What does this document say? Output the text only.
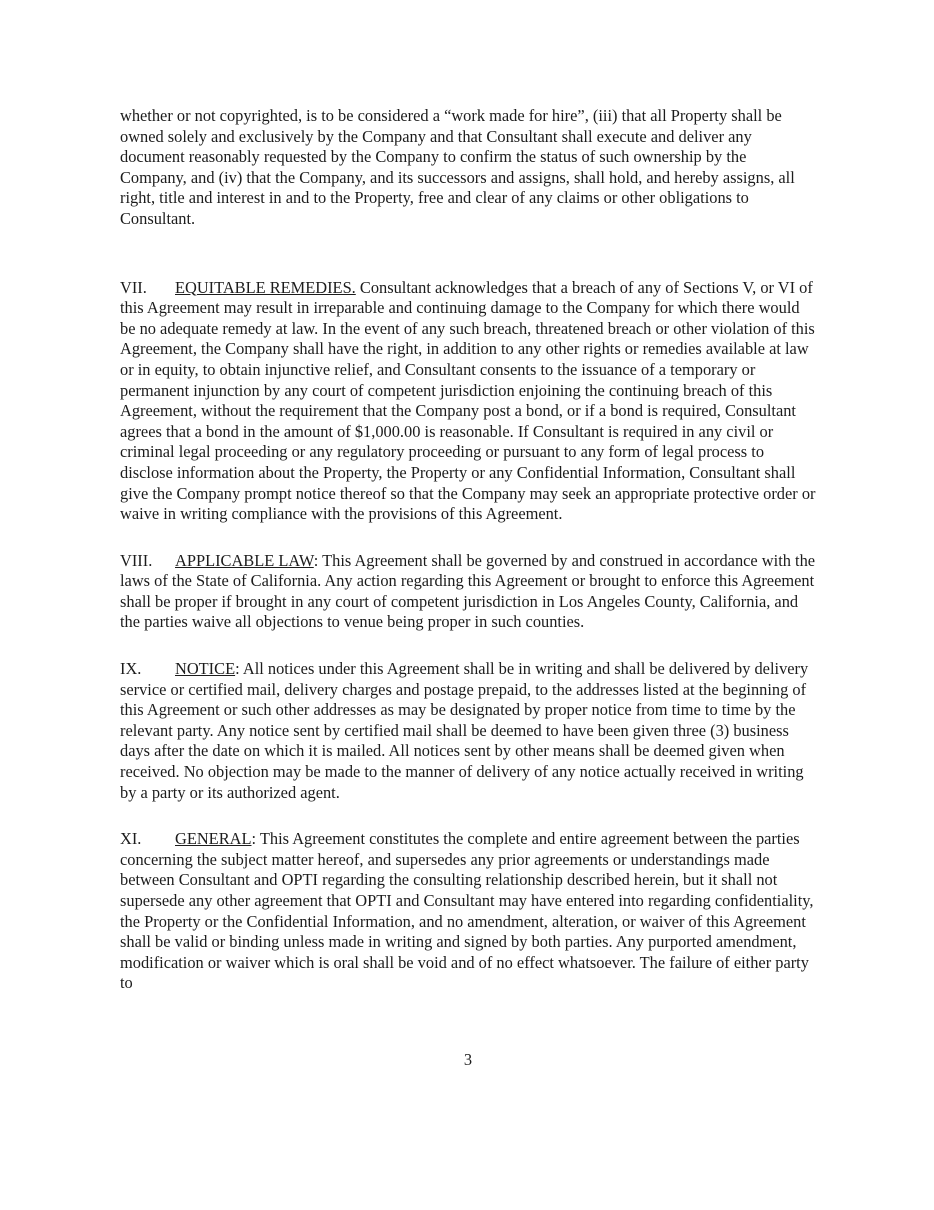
whether or not copyrighted, is to be considered a “work made for hire”, (iii) that all Property shall be owned solely and exclusively by the Company and that Consultant shall execute and deliver any document reasonably requested by the Company to confirm the status of such ownership by the Company, and (iv) that the Company, and its successors and assigns, shall hold, and hereby assigns, all right, title and interest in and to the Property, free and clear of any claims or other obligations to Consultant.

VII. EQUITABLE REMEDIES. Consultant acknowledges that a breach of any of Sections V, or VI of this Agreement may result in irreparable and continuing damage to the Company for which there would be no adequate remedy at law. In the event of any such breach, threatened breach or other violation of this Agreement, the Company shall have the right, in addition to any other rights or remedies available at law or in equity, to obtain injunctive relief, and Consultant consents to the issuance of a temporary or permanent injunction by any court of competent jurisdiction enjoining the continuing breach of this Agreement, without the requirement that the Company post a bond, or if a bond is required, Consultant agrees that a bond in the amount of $1,000.00 is reasonable. If Consultant is required in any civil or criminal legal proceeding or any regulatory proceeding or pursuant to any form of legal process to disclose information about the Property, the Property or any Confidential Information, Consultant shall give the Company prompt notice thereof so that the Company may seek an appropriate protective order or waive in writing compliance with the provisions of this Agreement.

VIII. APPLICABLE LAW: This Agreement shall be governed by and construed in accordance with the laws of the State of California. Any action regarding this Agreement or brought to enforce this Agreement shall be proper if brought in any court of competent jurisdiction in Los Angeles County, California, and the parties waive all objections to venue being proper in such counties.

IX. NOTICE: All notices under this Agreement shall be in writing and shall be delivered by delivery service or certified mail, delivery charges and postage prepaid, to the addresses listed at the beginning of this Agreement or such other addresses as may be designated by proper notice from time to time by the relevant party. Any notice sent by certified mail shall be deemed to have been given three (3) business days after the date on which it is mailed. All notices sent by other means shall be deemed given when received. No objection may be made to the manner of delivery of any notice actually received in writing by a party or its authorized agent.

XI. GENERAL: This Agreement constitutes the complete and entire agreement between the parties concerning the subject matter hereof, and supersedes any prior agreements or understandings made between Consultant and OPTI regarding the consulting relationship described herein, but it shall not supersede any other agreement that OPTI and Consultant may have entered into regarding confidentiality, the Property or the Confidential Information, and no amendment, alteration, or waiver of this Agreement shall be valid or binding unless made in writing and signed by both parties. Any purported amendment, modification or waiver which is oral shall be void and of no effect whatsoever. The failure of either party to

3
